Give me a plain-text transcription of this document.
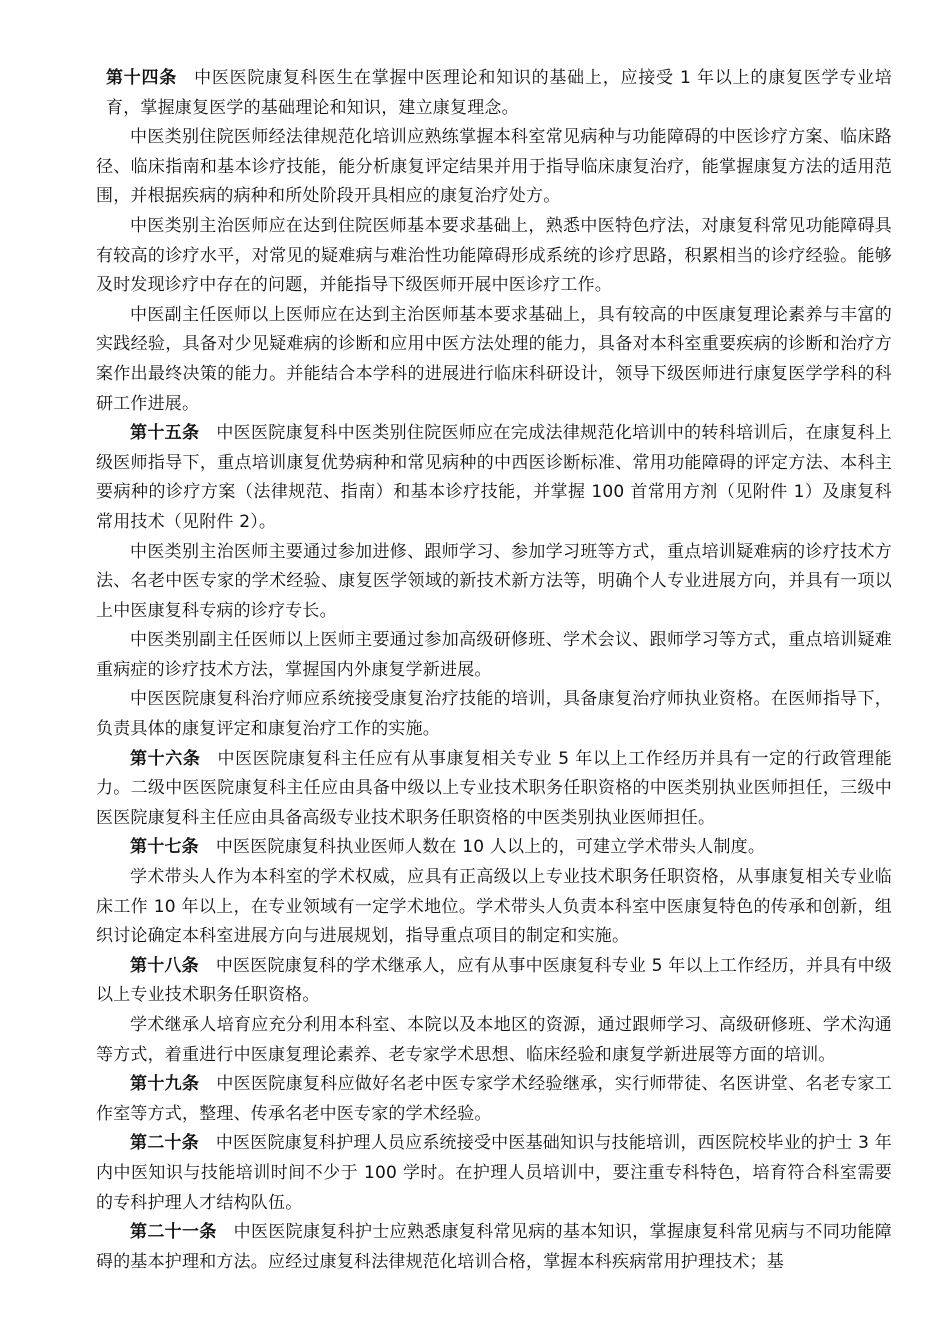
第十四条 中医医院康复科医生在掌握中医理论和知识的基础上，应接受 1 年以上的康复医学专业培育，掌握康复医学的基础理论和知识，建立康复理念。

中医类别住院医师经法律规范化培训应熟练掌握本科室常见病种与功能障碍的中医诊疗方案、临床路径、临床指南和基本诊疗技能，能分析康复评定结果并用于指导临床康复治疗，能掌握康复方法的适用范围，并根据疾病的病种和所处阶段开具相应的康复治疗处方。

中医类别主治医师应在达到住院医师基本要求基础上，熟悉中医特色疗法，对康复科常见功能障碍具有较高的诊疗水平，对常见的疑难病与难治性功能障碍形成系统的诊疗思路，积累相当的诊疗经验。能够及时发现诊疗中存在的问题，并能指导下级医师开展中医诊疗工作。

中医副主任医师以上医师应在达到主治医师基本要求基础上，具有较高的中医康复理论素养与丰富的实践经验，具备对少见疑难病的诊断和应用中医方法处理的能力，具备对本科室重要疾病的诊断和治疗方案作出最终决策的能力。并能结合本学科的进展进行临床科研设计，领导下级医师进行康复医学学科的科研工作进展。

第十五条 中医医院康复科中医类别住院医师应在完成法律规范化培训中的转科培训后，在康复科上级医师指导下，重点培训康复优势病种和常见病种的中西医诊断标准、常用功能障碍的评定方法、本科主要病种的诊疗方案（法律规范、指南）和基本诊疗技能，并掌握 100 首常用方剂（见附件 1）及康复科常用技术（见附件 2）。

中医类别主治医师主要通过参加进修、跟师学习、参加学习班等方式，重点培训疑难病的诊疗技术方法、名老中医专家的学术经验、康复医学领域的新技术新方法等，明确个人专业进展方向，并具有一项以上中医康复科专病的诊疗专长。

中医类别副主任医师以上医师主要通过参加高级研修班、学术会议、跟师学习等方式，重点培训疑难重病症的诊疗技术方法，掌握国内外康复学新进展。

中医医院康复科治疗师应系统接受康复治疗技能的培训，具备康复治疗师执业资格。在医师指导下，负责具体的康复评定和康复治疗工作的实施。

第十六条 中医医院康复科主任应有从事康复相关专业 5 年以上工作经历并具有一定的行政管理能力。二级中医医院康复科主任应由具备中级以上专业技术职务任职资格的中医类别执业医师担任，三级中医医院康复科主任应由具备高级专业技术职务任职资格的中医类别执业医师担任。

第十七条 中医医院康复科执业医师人数在 10 人以上的，可建立学术带头人制度。

学术带头人作为本科室的学术权威，应具有正高级以上专业技术职务任职资格，从事康复相关专业临床工作 10 年以上，在专业领域有一定学术地位。学术带头人负责本科室中医康复特色的传承和创新，组织讨论确定本科室进展方向与进展规划，指导重点项目的制定和实施。

第十八条 中医医院康复科的学术继承人，应有从事中医康复科专业 5 年以上工作经历，并具有中级以上专业技术职务任职资格。

学术继承人培育应充分利用本科室、本院以及本地区的资源，通过跟师学习、高级研修班、学术沟通等方式，着重进行中医康复理论素养、老专家学术思想、临床经验和康复学新进展等方面的培训。

第十九条 中医医院康复科应做好名老中医专家学术经验继承，实行师带徒、名医讲堂、名老专家工作室等方式，整理、传承名老中医专家的学术经验。

第二十条 中医医院康复科护理人员应系统接受中医基础知识与技能培训，西医院校毕业的护士 3 年内中医知识与技能培训时间不少于 100 学时。在护理人员培训中，要注重专科特色，培育符合科室需要的专科护理人才结构队伍。

第二十一条 中医医院康复科护士应熟悉康复科常见病的基本知识，掌握康复科常见病与不同功能障碍的基本护理和方法。应经过康复科法律规范化培训合格，掌握本科疾病常用护理技术；基
